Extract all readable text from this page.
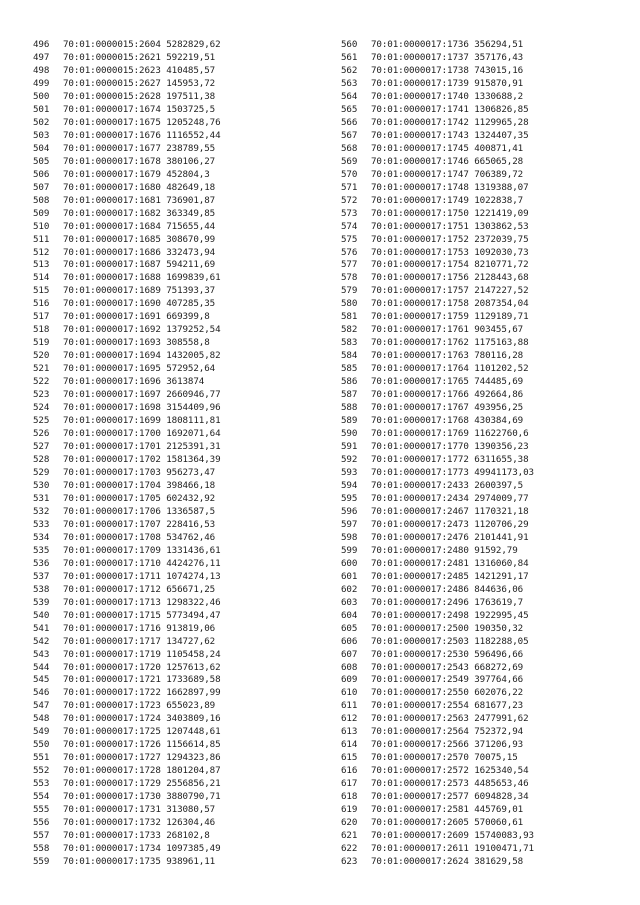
496 70:01:0000015:2604 5282829,62
497 70:01:0000015:2621 592219,51
498 70:01:0000015:2623 410485,57
499 70:01:0000015:2627 145953,72
500 70:01:0000015:2628 197511,38
501 70:01:0000017:1674 1503725,5
502 70:01:0000017:1675 1205248,76
503 70:01:0000017:1676 1116552,44
504 70:01:0000017:1677 238789,55
505 70:01:0000017:1678 380106,27
506 70:01:0000017:1679 452804,3
507 70:01:0000017:1680 482649,18
508 70:01:0000017:1681 736901,87
509 70:01:0000017:1682 363349,85
510 70:01:0000017:1684 715655,44
511 70:01:0000017:1685 308670,99
512 70:01:0000017:1686 332473,94
513 70:01:0000017:1687 594211,69
514 70:01:0000017:1688 1699839,61
515 70:01:0000017:1689 751393,37
516 70:01:0000017:1690 407285,35
517 70:01:0000017:1691 669399,8
518 70:01:0000017:1692 1379252,54
519 70:01:0000017:1693 308558,8
520 70:01:0000017:1694 1432005,82
521 70:01:0000017:1695 572952,64
522 70:01:0000017:1696 3613874
523 70:01:0000017:1697 2660946,77
524 70:01:0000017:1698 3154409,96
525 70:01:0000017:1699 1808111,81
526 70:01:0000017:1700 1692071,64
527 70:01:0000017:1701 2125391,31
528 70:01:0000017:1702 1581364,39
529 70:01:0000017:1703 956273,47
530 70:01:0000017:1704 398466,18
531 70:01:0000017:1705 602432,92
532 70:01:0000017:1706 1336587,5
533 70:01:0000017:1707 228416,53
534 70:01:0000017:1708 534762,46
535 70:01:0000017:1709 1331436,61
536 70:01:0000017:1710 4424276,11
537 70:01:0000017:1711 1074274,13
538 70:01:0000017:1712 656671,25
539 70:01:0000017:1713 1298322,46
540 70:01:0000017:1715 5773494,47
541 70:01:0000017:1716 913819,06
542 70:01:0000017:1717 134727,62
543 70:01:0000017:1719 1105458,24
544 70:01:0000017:1720 1257613,62
545 70:01:0000017:1721 1733689,58
546 70:01:0000017:1722 1662897,99
547 70:01:0000017:1723 655023,89
548 70:01:0000017:1724 3403809,16
549 70:01:0000017:1725 1207448,61
550 70:01:0000017:1726 1156614,85
551 70:01:0000017:1727 1294323,86
552 70:01:0000017:1728 1801204,87
553 70:01:0000017:1729 2556856,21
554 70:01:0000017:1730 3880790,71
555 70:01:0000017:1731 313080,57
556 70:01:0000017:1732 126304,46
557 70:01:0000017:1733 268102,8
558 70:01:0000017:1734 1097385,49
559 70:01:0000017:1735 938961,11
560 70:01:0000017:1736 356294,51
561 70:01:0000017:1737 357176,43
562 70:01:0000017:1738 743015,16
563 70:01:0000017:1739 915870,91
564 70:01:0000017:1740 1330688,2
565 70:01:0000017:1741 1306826,85
566 70:01:0000017:1742 1129965,28
567 70:01:0000017:1743 1324407,35
568 70:01:0000017:1745 400871,41
569 70:01:0000017:1746 665065,28
570 70:01:0000017:1747 706389,72
571 70:01:0000017:1748 1319388,07
572 70:01:0000017:1749 1022838,7
573 70:01:0000017:1750 1221419,09
574 70:01:0000017:1751 1303862,53
575 70:01:0000017:1752 2372039,75
576 70:01:0000017:1753 1092030,73
577 70:01:0000017:1754 8210771,72
578 70:01:0000017:1756 2128443,68
579 70:01:0000017:1757 2147227,52
580 70:01:0000017:1758 2087354,04
581 70:01:0000017:1759 1129189,71
582 70:01:0000017:1761 903455,67
583 70:01:0000017:1762 1175163,88
584 70:01:0000017:1763 780116,28
585 70:01:0000017:1764 1101202,52
586 70:01:0000017:1765 744485,69
587 70:01:0000017:1766 492664,86
588 70:01:0000017:1767 493956,25
589 70:01:0000017:1768 430384,69
590 70:01:0000017:1769 11622760,6
591 70:01:0000017:1770 1390356,23
592 70:01:0000017:1772 6311655,38
593 70:01:0000017:1773 49941173,03
594 70:01:0000017:2433 2600397,5
595 70:01:0000017:2434 2974009,77
596 70:01:0000017:2467 1170321,18
597 70:01:0000017:2473 1120706,29
598 70:01:0000017:2476 2101441,91
599 70:01:0000017:2480 91592,79
600 70:01:0000017:2481 1316060,84
601 70:01:0000017:2485 1421291,17
602 70:01:0000017:2486 844636,06
603 70:01:0000017:2496 1763619,7
604 70:01:0000017:2498 1922995,45
605 70:01:0000017:2500 190350,32
606 70:01:0000017:2503 1182288,05
607 70:01:0000017:2530 596496,66
608 70:01:0000017:2543 668272,69
609 70:01:0000017:2549 397764,66
610 70:01:0000017:2550 602076,22
611 70:01:0000017:2554 681677,23
612 70:01:0000017:2563 2477991,62
613 70:01:0000017:2564 752372,94
614 70:01:0000017:2566 371206,93
615 70:01:0000017:2570 70075,15
616 70:01:0000017:2572 1625340,54
617 70:01:0000017:2573 4485653,46
618 70:01:0000017:2577 6094828,34
619 70:01:0000017:2581 445769,01
620 70:01:0000017:2605 570060,61
621 70:01:0000017:2609 15740083,93
622 70:01:0000017:2611 19100471,71
623 70:01:0000017:2624 381629,58
